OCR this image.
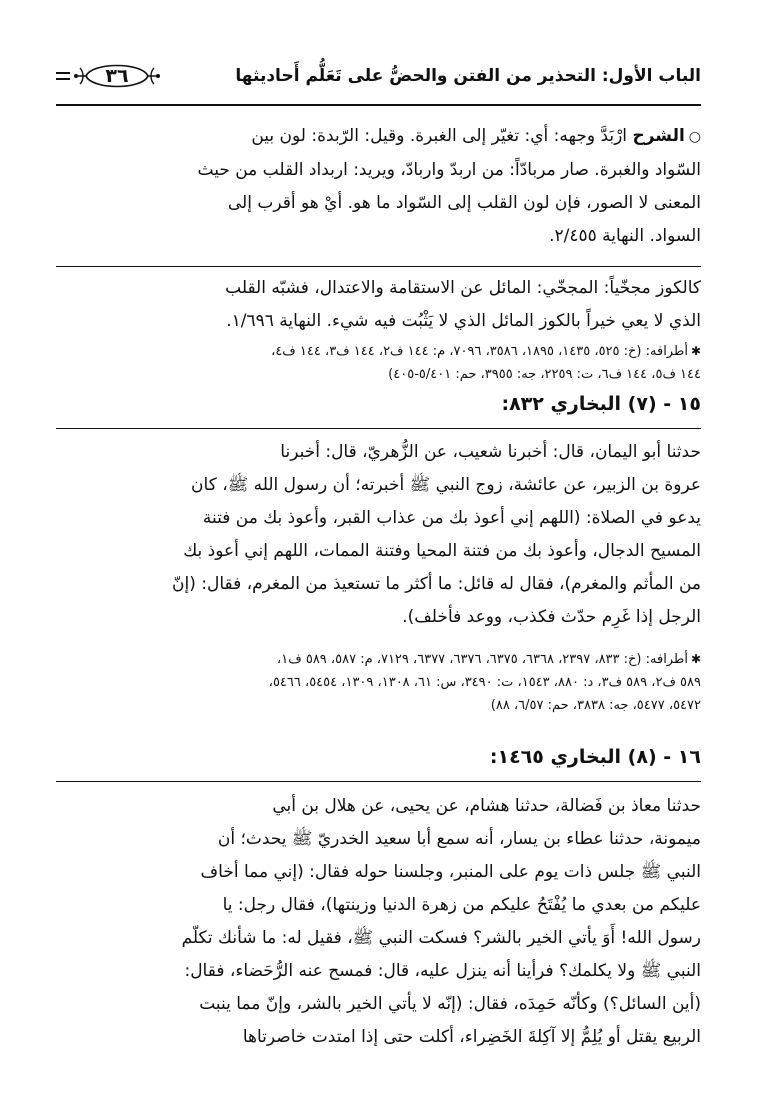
الباب الأول: التحذير من الفتن والحضُّ على تَعَلُّم أَحاديثها
٣٦

○الشرح ارْبَدَّ وجهه: أي: تغيّر إلى الغبرة. وقيل: الرّبدة: لون بين

السّواد والغبرة. صار مربادّاً: من اربدّ واربادّ، ويريد: اربداد القلب من حيث

المعنى لا الصور، فإن لون القلب إلى السّواد ما هو. أيْ هو أقرب إلى

السواد. النهاية ٢/٤٥٥.

كالكوز مجخّياً: المجخّي: المائل عن الاستقامة والاعتدال، فشبّه القلب

الذي لا يعي خيراً بالكوز المائل الذي لا يَثْبُت فيه شيء. النهاية ١/٦٩٦.

✱أطرافه: (خ: ٥٢٥، ١٤٣٥، ١٨٩٥، ٣٥٨٦، ٧٠٩٦، م: ١٤٤ ف٢، ١٤٤ ف٣، ١٤٤ ف٤،

١٤٤ ف٥، ١٤٤ ف٦، ت: ٢٢٥٩، جه: ٣٩٥٥، حم: ٥/٤٠١-٤٠٥)

١٥ - (٧) البخاري ٨٣٢:

حدثنا أبو اليمان، قال: أخبرنا شعيب، عن الزُّهريّ، قال: أخبرنا

عروة بن الزبير، عن عائشة، زوج النبي ﷺ أخبرته؛ أن رسول الله ﷺ، كان

يدعو في الصلاة: (اللهم إني أعوذ بك من عذاب القبر، وأعوذ بك من فتنة

المسيح الدجال، وأعوذ بك من فتنة المحيا وفتنة الممات، اللهم إني أعوذ بك

من المأثم والمغرم)، فقال له قائل: ما أكثر ما تستعيذ من المغرم، فقال: (إنّ

الرجل إذا غَرِم حدّث فكذب، ووعد فأخلف).

✱أطرافه: (خ: ٨٣٣، ٢٣٩٧، ٦٣٦٨، ٦٣٧٥، ٦٣٧٦، ٦٣٧٧، ٧١٢٩، م: ٥٨٧، ٥٨٩ ف١،

٥٨٩ ف٢، ٥٨٩ ف٣، د: ٨٨٠، ١٥٤٣، ت: ٣٤٩٠، س: ٦١، ١٣٠٨، ١٣٠٩، ٥٤٥٤، ٥٤٦٦،

٥٤٧٢، ٥٤٧٧، جه: ٣٨٣٨، حم: ٦/٥٧، ٨٨)

١٦ - (٨) البخاري ١٤٦٥:

حدثنا معاذ بن فَضالة، حدثنا هشام، عن يحيى، عن هلال بن أبي

ميمونة، حدثنا عطاء بن يسار، أنه سمع أبا سعيد الخدريّ ﷺ يحدث؛ أن

النبي ﷺ جلس ذات يوم على المنبر، وجلسنا حوله فقال: (إني مما أخاف

عليكم من بعدي ما يُفْتَحُ عليكم من زهرة الدنيا وزينتها)، فقال رجل: يا

رسول الله! أَوَ يأتي الخير بالشر؟ فسكت النبي ﷺ، فقيل له: ما شأنك تكلّم

النبي ﷺ ولا يكلمك؟ فرأينا أنه ينزل عليه، قال: فمسح عنه الرُّحَضاء، فقال:

(أين السائل؟) وكأنّه حَمِدَه، فقال: (إنّه لا يأتي الخير بالشر، وإنّ مما ينبت

الربيع يقتل أو يُلِمُّ إلا آكِلةَ الخَضِراء، أكلت حتى إذا امتدت خاصرتاها
